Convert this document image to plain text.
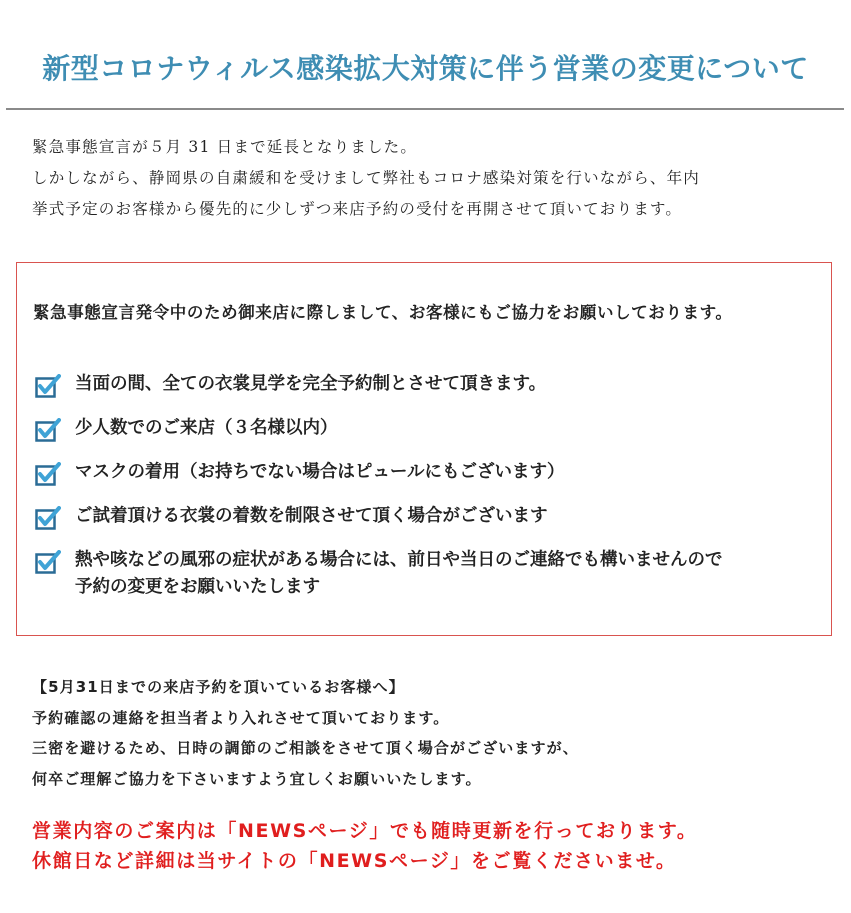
新型コロナウィルス感染拡大対策に伴う営業の変更について

緊急事態宣言が５月 31 日まで延長となりました。

しかしながら、静岡県の自粛緩和を受けまして弊社もコロナ感染対策を行いながら、年内

挙式予定のお客様から優先的に少しずつ来店予約の受付を再開させて頂いております。

緊急事態宣言発令中のため御来店に際しまして、お客様にもご協力をお願いしております。
当面の間、全ての衣裳見学を完全予約制とさせて頂きます。
少人数でのご来店（３名様以内）
マスクの着用（お持ちでない場合はピュールにもございます）
ご試着頂ける衣裳の着数を制限させて頂く場合がございます
熱や咳などの風邪の症状がある場合には、前日や当日のご連絡でも構いませんので
予約の変更をお願いいたします

【5月31日までの来店予約を頂いているお客様へ】

予約確認の連絡を担当者より入れさせて頂いております。

三密を避けるため、日時の調節のご相談をさせて頂く場合がございますが、

何卒ご理解ご協力を下さいますよう宜しくお願いいたします。

営業内容のご案内は「NEWSページ」でも随時更新を行っております。

休館日など詳細は当サイトの「NEWSページ」をご覧くださいませ。
